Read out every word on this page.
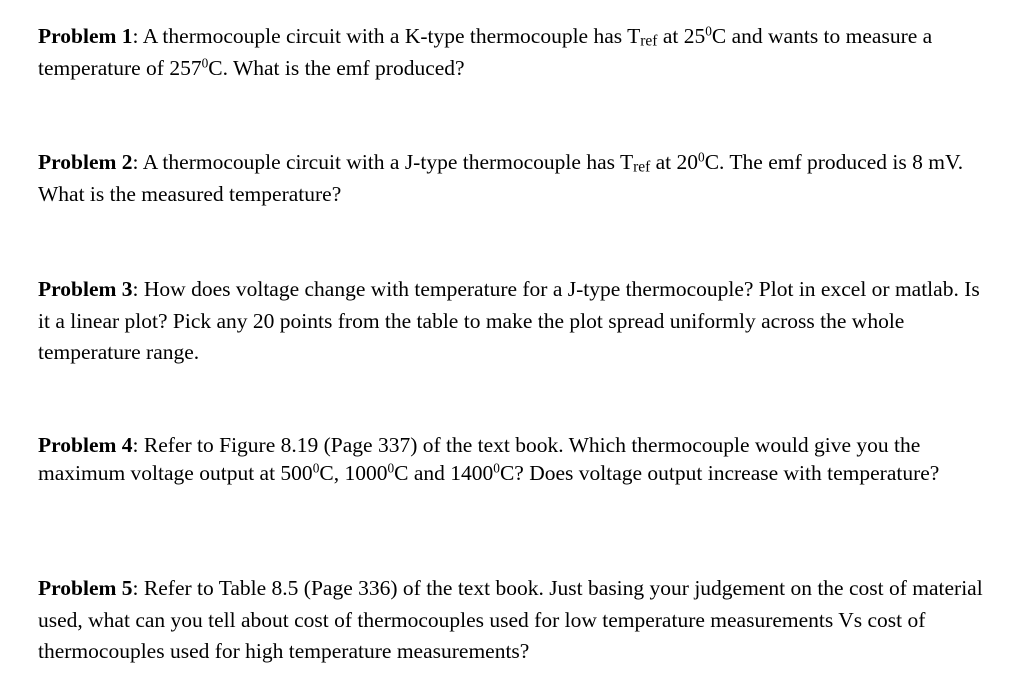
Problem 1: A thermocouple circuit with a K-type thermocouple has $T_{ref}$ at $25^0C$ and wants to measure a temperature of $257^0C$. What is the emf produced?

Problem 2: A thermocouple circuit with a J-type thermocouple has $T_{ref}$ at $20^0C$. The emf produced is 8 mV. What is the measured temperature?

Problem 3: How does voltage change with temperature for a J-type thermocouple? Plot in excel or matlab. Is it a linear plot? Pick any 20 points from the table to make the plot spread uniformly across the whole temperature range.

Problem 4: Refer to Figure 8.19 (Page 337) of the text book. Which thermocouple would give you the maximum voltage output at $500^0C$, 1000$^0$C and 1400$^0$C? Does voltage output increase with temperature?

Problem 5: Refer to Table 8.5 (Page 336) of the text book. Just basing your judgement on the cost of material used, what can you tell about cost of thermocouples used for low temperature measurements Vs cost of thermocouples used for high temperature measurements?
